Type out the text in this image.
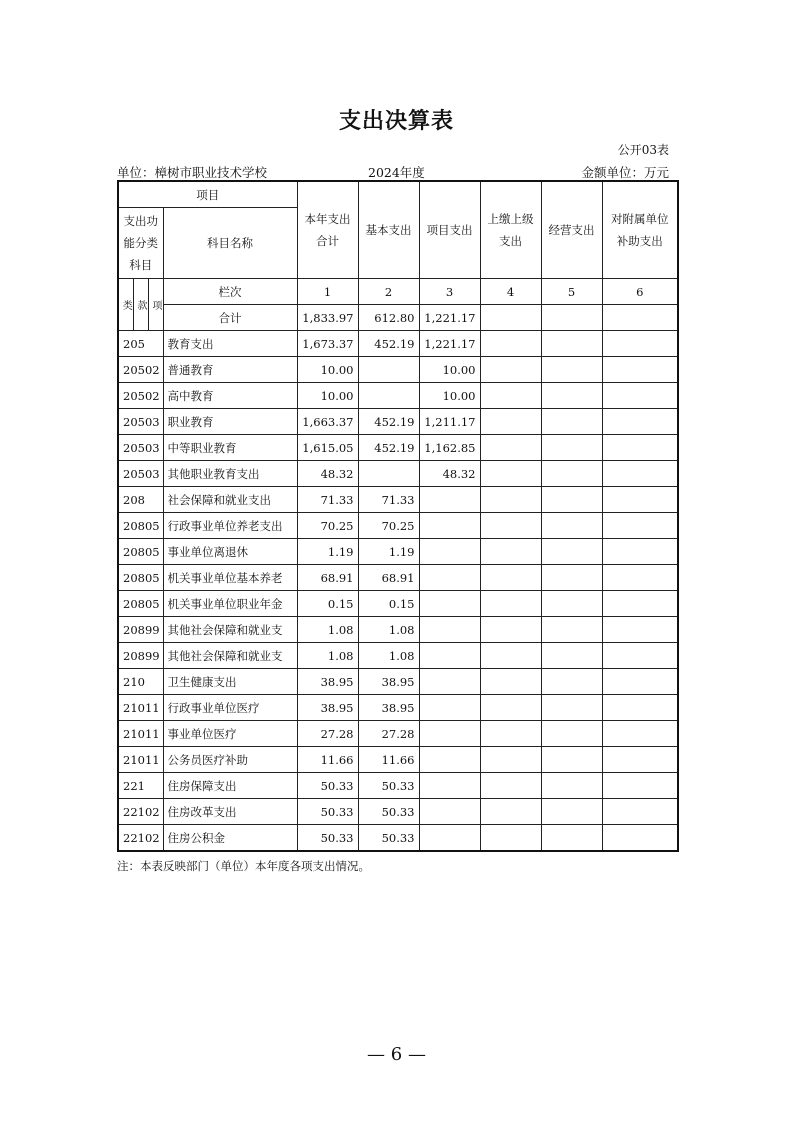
支出决算表
公开03表
单位：樟树市职业技术学校	2024年度	金额单位：万元
项目				本年支出合计	基本支出	项目支出	上缴上级支出	经营支出	对附属单位补助支出
支出功能分类科目			科目名称						
类	款	项	栏次	1	2	3	4	5	6
			合计	1,833.97	612.80	1,221.17			
205			教育支出	1,673.37	452.19	1,221.17			
20502			普通教育	10.00		10.00			
20502			高中教育	10.00		10.00			
20503			职业教育	1,663.37	452.19	1,211.17			
20503			中等职业教育	1,615.05	452.19	1,162.85			
20503			其他职业教育支出	48.32		48.32			
208			社会保障和就业支出	71.33	71.33				
20805			行政事业单位养老支出	70.25	70.25				
20805			事业单位离退休	1.19	1.19				
20805			机关事业单位基本养老	68.91	68.91				
20805			机关事业单位职业年金	0.15	0.15				
20899			其他社会保障和就业支	1.08	1.08				
20899			其他社会保障和就业支	1.08	1.08				
210			卫生健康支出	38.95	38.95				
21011			行政事业单位医疗	38.95	38.95				
21011			事业单位医疗	27.28	27.28				
21011			公务员医疗补助	11.66	11.66				
221			住房保障支出	50.33	50.33				
22102			住房改革支出	50.33	50.33				
22102			住房公积金	50.33	50.33				
注：本表反映部门（单位）本年度各项支出情况。
— 6 —
